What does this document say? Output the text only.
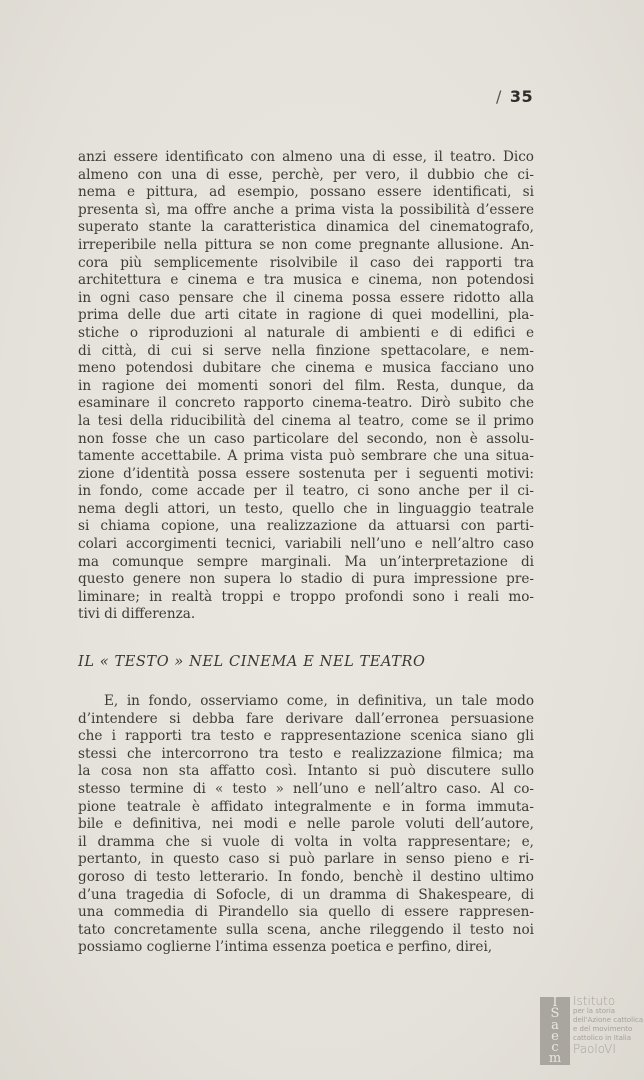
/ 35
anzi essere identificato con almeno una di esse, il teatro. Dico
almeno con una di esse, perchè, per vero, il dubbio che ci-
nema e pittura, ad esempio, possano essere identificati, si
presenta sì, ma offre anche a prima vista la possibilità d’essere
superato stante la caratteristica dinamica del cinematografo,
irreperibile nella pittura se non come pregnante allusione. An-
cora più semplicemente risolvibile il caso dei rapporti tra
architettura e cinema e tra musica e cinema, non potendosi
in ogni caso pensare che il cinema possa essere ridotto alla
prima delle due arti citate in ragione di quei modellini, pla-
stiche o riproduzioni al naturale di ambienti e di edifici e
di città, di cui si serve nella finzione spettacolare, e nem-
meno potendosi dubitare che cinema e musica facciano uno
in ragione dei momenti sonori del film. Resta, dunque, da
esaminare il concreto rapporto cinema-teatro. Dirò subito che
la tesi della riducibilità del cinema al teatro, come se il primo
non fosse che un caso particolare del secondo, non è assolu-
tamente accettabile. A prima vista può sembrare che una situa-
zione d’identità possa essere sostenuta per i seguenti motivi:
in fondo, come accade per il teatro, ci sono anche per il ci-
nema degli attori, un testo, quello che in linguaggio teatrale
si chiama copione, una realizzazione da attuarsi con parti-
colari accorgimenti tecnici, variabili nell’uno e nell’altro caso
ma comunque sempre marginali. Ma un’interpretazione di
questo genere non supera lo stadio di pura impressione pre-
liminare; in realtà troppi e troppo profondi sono i reali mo-
tivi di differenza.
IL « TESTO » NEL CINEMA E NEL TEATRO
E, in fondo, osserviamo come, in definitiva, un tale modo
d’intendere si debba fare derivare dall’erronea persuasione
che i rapporti tra testo e rappresentazione scenica siano gli
stessi che intercorrono tra testo e realizzazione filmica; ma
la cosa non sta affatto così. Intanto si può discutere sullo
stesso termine di « testo » nell’uno e nell’altro caso. Al co-
pione teatrale è affidato integralmente e in forma immuta-
bile e definitiva, nei modi e nelle parole voluti dell’autore,
il dramma che si vuole di volta in volta rappresentare; e,
pertanto, in questo caso si può parlare in senso pieno e ri-
goroso di testo letterario. In fondo, benchè il destino ultimo
d’una tragedia di Sofocle, di un dramma di Shakespeare, di
una commedia di Pirandello sia quello di essere rappresen-
tato concretamente sulla scena, anche rileggendo il testo noi
possiamo coglierne l’intima essenza poetica e perfino, direi,
I
S
a
e
c
m
Istituto
per la storia
dell'Azione cattolica
e del movimento
cattolico in Italia
PaoloVI
